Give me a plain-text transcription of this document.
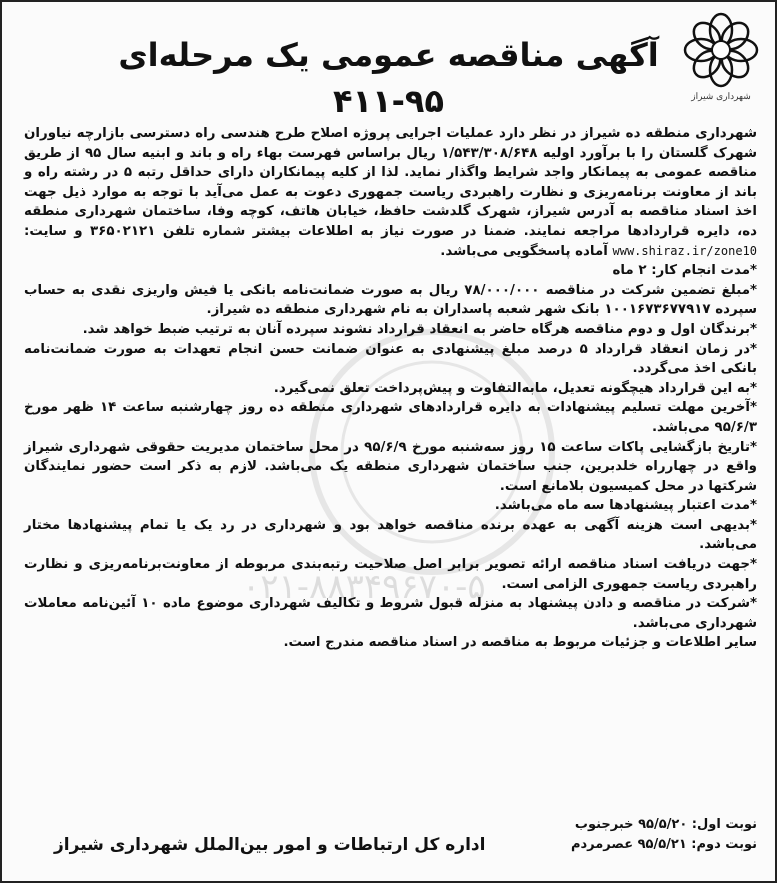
شهرداری شیراز
آگهی مناقصه عمومی یک مرحله‌ای
۴۱۱-۹۵
۰۲۱-۸۸۳۴۹۶۷۰-۵

شهرداری منطقه ده شیراز در نظر دارد عملیات اجرایی پروژه اصلاح طرح هندسی راه دسترسی بازارچه نیاوران شهرک گلستان را با برآورد اولیه ۱/۵۴۳/۳۰۸/۶۴۸ ریال براساس فهرست بهاء راه و باند و ابنیه سال ۹۵ از طریق مناقصه عمومی به پیمانکار واجد شرایط واگذار نماید. لذا از کلیه پیمانکاران دارای حداقل رتبه ۵ در رشته راه و باند از معاونت برنامه‌ریزی و نظارت راهبردی ریاست جمهوری دعوت به عمل می‌آید با توجه به موارد ذیل جهت اخذ اسناد مناقصه به آدرس شیراز، شهرک گلدشت حافظ، خیابان هاتف، کوچه وفا، ساختمان شهرداری منطقه ده، دایره قراردادها مراجعه نمایند. ضمنا در صورت نیاز به اطلاعات بیشتر شماره تلفن ۳۶۵۰۲۱۲۱ و سایت: www.shiraz.ir/zone10 آماده پاسخگویی می‌باشد.

*مدت انجام کار: ۲ ماه

*مبلغ تضمین شرکت در مناقصه ۷۸/۰۰۰/۰۰۰ ریال به صورت ضمانت‌نامه بانکی یا فیش واریزی نقدی به حساب سپرده ۱۰۰۱۶۷۳۶۷۷۹۱۷ بانک شهر شعبه پاسداران به نام شهرداری منطقه ده شیراز.

*برندگان اول و دوم مناقصه هرگاه حاضر به انعقاد قرارداد نشوند سپرده آنان به ترتیب ضبط خواهد شد.

*در زمان انعقاد قرارداد ۵ درصد مبلغ پیشنهادی به عنوان ضمانت حسن انجام تعهدات به صورت ضمانت‌نامه بانکی اخذ می‌گردد.

*به این قرارداد هیچگونه تعدیل، مابه‌التفاوت و پیش‌پرداخت تعلق نمی‌گیرد.

*آخرین مهلت تسلیم پیشنهادات به دایره قراردادهای شهرداری منطقه ده روز چهارشنبه ساعت ۱۴ ظهر مورخ ۹۵/۶/۳ می‌باشد.

*تاریخ بازگشایی پاکات ساعت ۱۵ روز سه‌شنبه مورخ ۹۵/۶/۹ در محل ساختمان مدیریت حقوقی شهرداری شیراز واقع در چهارراه خلدبرین، جنب ساختمان شهرداری منطقه یک می‌باشد. لازم به ذکر است حضور نمایندگان شرکتها در محل کمیسیون بلامانع است.

*مدت اعتبار پیشنهادها سه ماه می‌باشد.

*بدیهی است هزینه آگهی به عهده برنده مناقصه خواهد بود و شهرداری در رد یک یا تمام پیشنهادها مختار می‌باشد.

*جهت دریافت اسناد مناقصه ارائه تصویر برابر اصل صلاحیت رتبه‌بندی مربوطه از معاونت‌برنامه‌ریزی و نظارت راهبردی ریاست جمهوری الزامی است.

*شرکت در مناقصه و دادن پیشنهاد به منزله قبول شروط و تکالیف شهرداری موضوع ماده ۱۰ آئین‌نامه معاملات شهرداری می‌باشد.

سایر اطلاعات و جزئیات مربوط به مناقصه در اسناد مناقصه مندرج است.

نوبت اول: ۹۵/۵/۲۰ خبرجنوب
نوبت دوم: ۹۵/۵/۲۱ عصرمردم
اداره کل ارتباطات و امور بین‌الملل شهرداری شیراز
